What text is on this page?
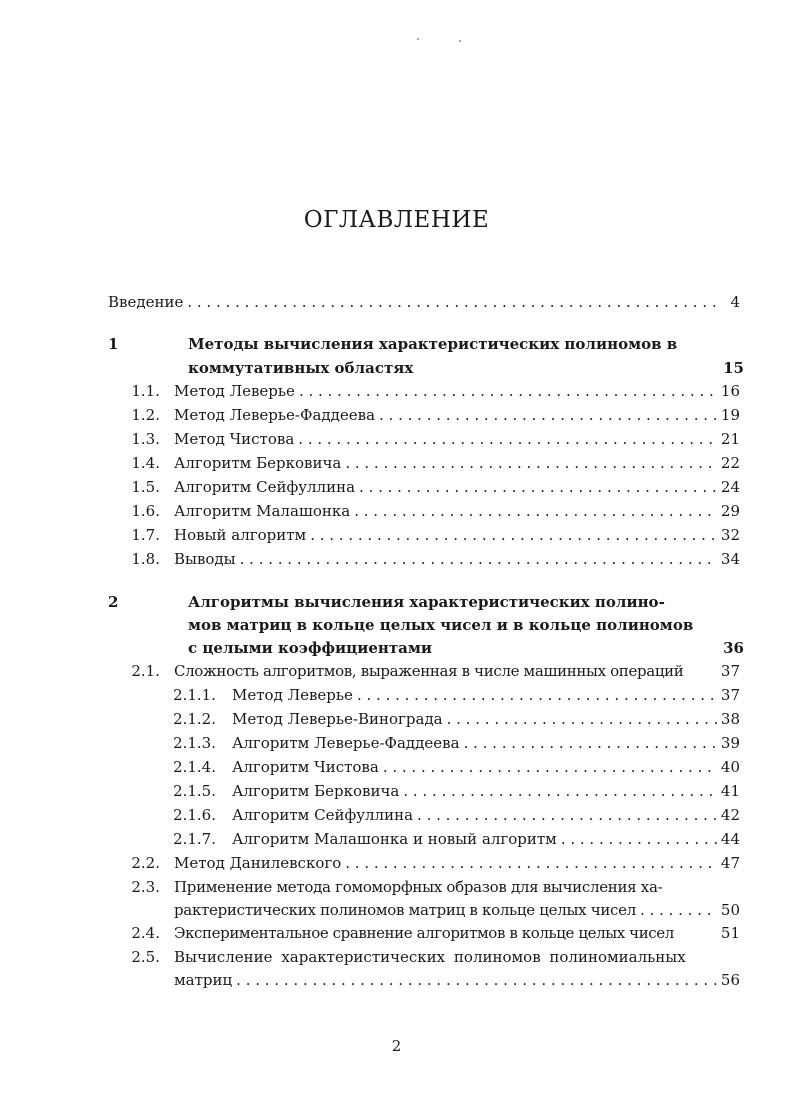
ОГЛАВЛЕНИЕ
Введение . . .	4
1	Методы вычисления характеристических полиномов в
коммутативных областях	15
1.1. Метод Леверье . . .	16
1.2. Метод Леверье-Фаддеева . . .	19
1.3. Метод Чистова . . .	21
1.4. Алгоритм Берковича . . .	22
1.5. Алгоритм Сейфуллина . . .	24
1.6. Алгоритм Малашонка . . .	29
1.7. Новый алгоритм . . .	32
1.8. Выводы . . .	34
2	Алгоритмы вычисления характеристических полино-
мов матриц в кольце целых чисел и в кольце полиномов
с целыми коэффициентами	36
2.1. Сложность алгоритмов, выраженная в числе машинных операций	37
2.1.1. Метод Леверье . . .	37
2.1.2. Метод Леверье-Винограда . . .	38
2.1.3. Алгоритм Леверье-Фаддеева . . .	39
2.1.4. Алгоритм Чистова . . .	40
2.1.5. Алгоритм Берковича . . .	41
2.1.6. Алгоритм Сейфуллина . . .	42
2.1.7. Алгоритм Малашонка и новый алгоритм . . .	44
2.2. Метод Данилевского . . .	47
2.3. Применение метода гомоморфных образов для вычисления ха-
рактеристических полиномов матриц в кольце целых чисел . . .	50
2.4. Экспериментальное сравнение алгоритмов в кольце целых чисел	51
2.5. Вычисление характеристических полиномов полиномиальных
матриц . . .	56
2
